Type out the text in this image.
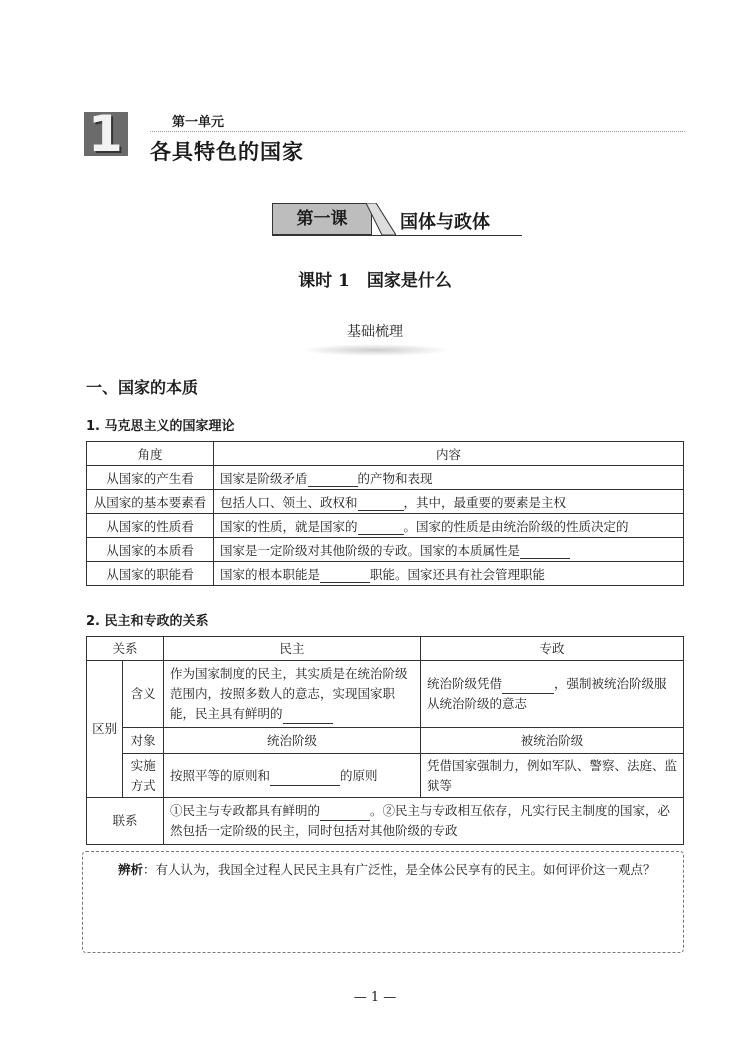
1	第一单元
各具特色的国家
第一课	国体与政体
课时 1　国家是什么
基础梳理
一、国家的本质
1. 马克思主义的国家理论
角度	内容
从国家的产生看	国家是阶级矛盾 的产物和表现
从国家的基本要素看	包括人口、领土、政权和 ，其中，最重要的要素是主权
从国家的性质看	国家的性质，就是国家的 。国家的性质是由统治阶级的性质决定的
从国家的本质看	国家是一定阶级对其他阶级的专政。国家的本质属性是
从国家的职能看	国家的根本职能是 职能。国家还具有社会管理职能
2. 民主和专政的关系
关系		民主	专政
区别	含义	作为国家制度的民主，其实质是在统治阶级范围内，按照多数人的意志，实现国家职能，民主具有鲜明的	统治阶级凭借 ，强制被统治阶级服从统治阶级的意志
	对象	统治阶级	被统治阶级
	实施方式	按照平等的原则和 的原则	凭借国家强制力，例如军队、警察、法庭、监狱等
联系		①民主与专政都具有鲜明的 。②民主与专政相互依存，凡实行民主制度的国家，必然包括一定阶级的民主，同时包括对其他阶级的专政	
辨析：有人认为，我国全过程人民民主具有广泛性，是全体公民享有的民主。如何评价这一观点？
— 1 —
